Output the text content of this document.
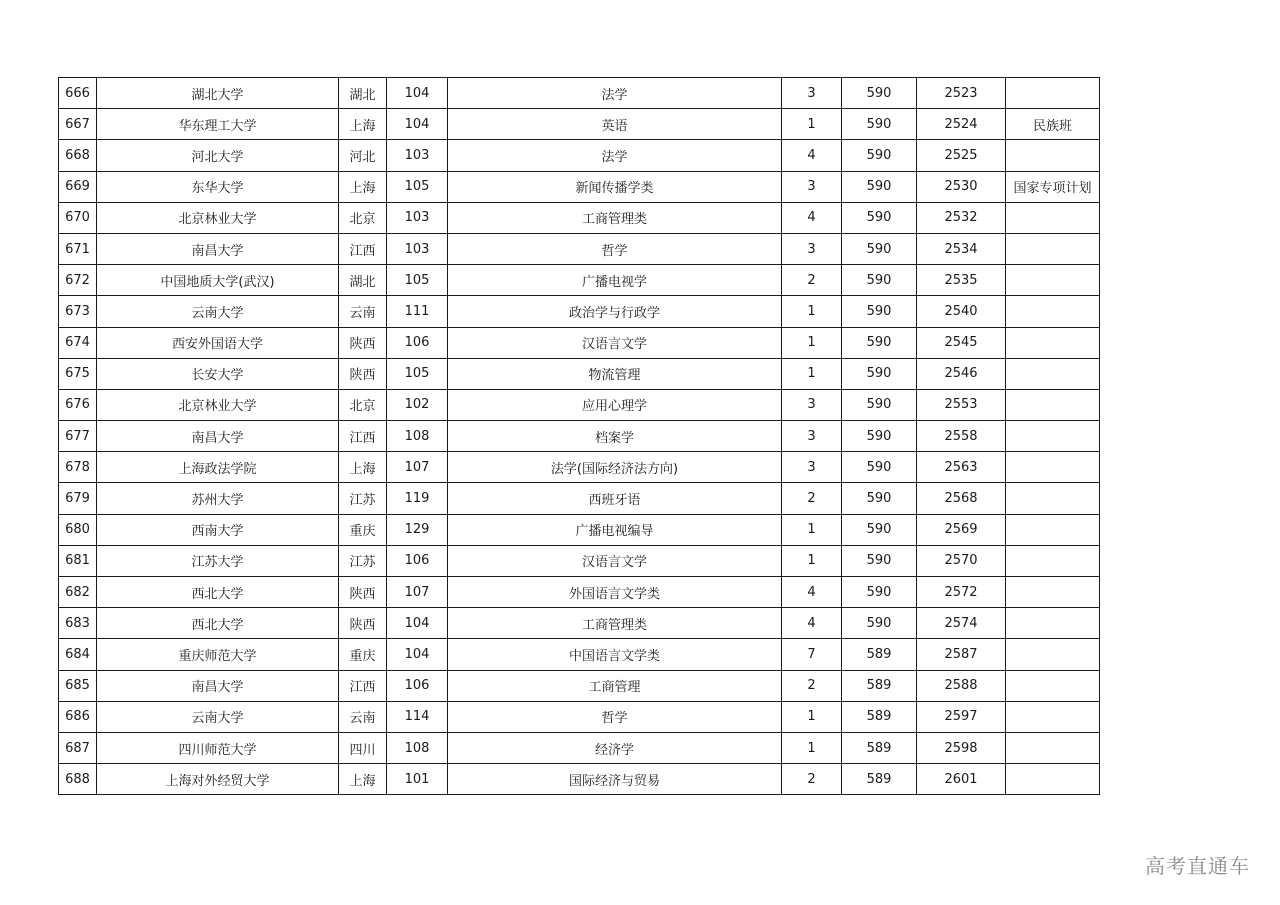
666	湖北大学	湖北	104	法学	3	590	2523	
667	华东理工大学	上海	104	英语	1	590	2524	民族班
668	河北大学	河北	103	法学	4	590	2525	
669	东华大学	上海	105	新闻传播学类	3	590	2530	国家专项计划
670	北京林业大学	北京	103	工商管理类	4	590	2532	
671	南昌大学	江西	103	哲学	3	590	2534	
672	中国地质大学(武汉)	湖北	105	广播电视学	2	590	2535	
673	云南大学	云南	111	政治学与行政学	1	590	2540	
674	西安外国语大学	陕西	106	汉语言文学	1	590	2545	
675	长安大学	陕西	105	物流管理	1	590	2546	
676	北京林业大学	北京	102	应用心理学	3	590	2553	
677	南昌大学	江西	108	档案学	3	590	2558	
678	上海政法学院	上海	107	法学(国际经济法方向)	3	590	2563	
679	苏州大学	江苏	119	西班牙语	2	590	2568	
680	西南大学	重庆	129	广播电视编导	1	590	2569	
681	江苏大学	江苏	106	汉语言文学	1	590	2570	
682	西北大学	陕西	107	外国语言文学类	4	590	2572	
683	西北大学	陕西	104	工商管理类	4	590	2574	
684	重庆师范大学	重庆	104	中国语言文学类	7	589	2587	
685	南昌大学	江西	106	工商管理	2	589	2588	
686	云南大学	云南	114	哲学	1	589	2597	
687	四川师范大学	四川	108	经济学	1	589	2598	
688	上海对外经贸大学	上海	101	国际经济与贸易	2	589	2601	
高考直通车
